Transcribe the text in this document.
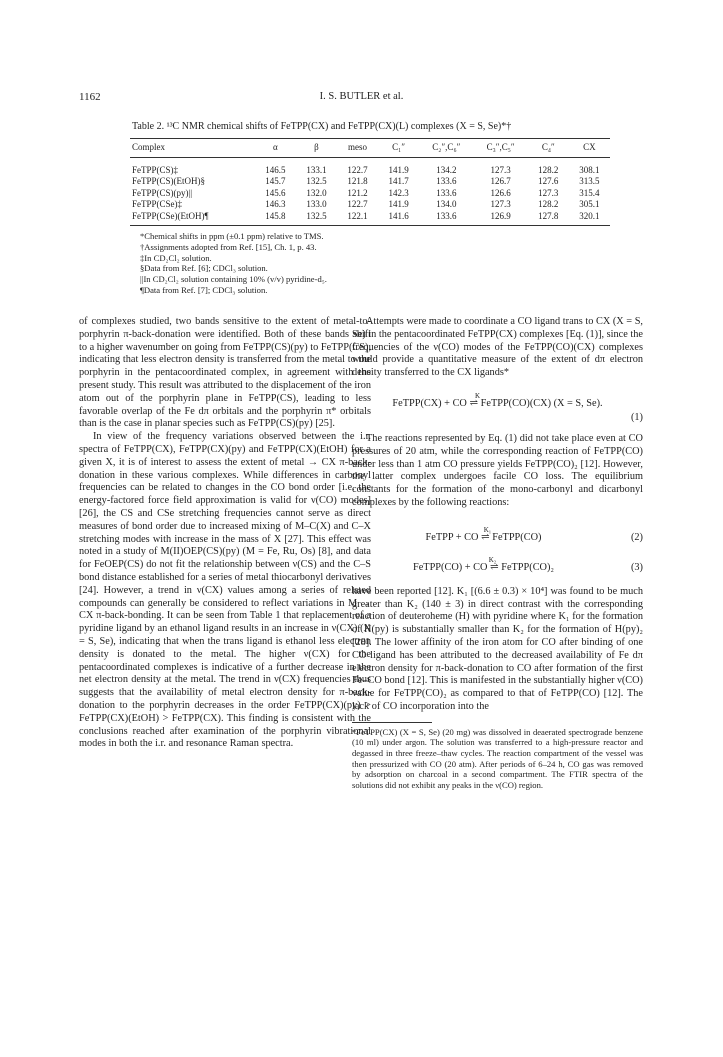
1162	I. S. BUTLER et al.
Table 2. ¹³C NMR chemical shifts of FeTPP(CX) and FeTPP(CX)(L) complexes (X = S, Se)*†
Complex	α	β	meso	C₁″	C₂″,C₆″	C₃″,C₅″	C₄″	CX
FeTPP(CS)‡	146.5	133.1	122.7	141.9	134.2	127.3	128.2	308.1
FeTPP(CS)(EtOH)§	145.7	132.5	121.8	141.7	133.6	126.7	127.6	313.5
FeTPP(CS)(py)||	145.6	132.0	121.2	142.3	133.6	126.6	127.3	315.4
FeTPP(CSe)‡	146.3	133.0	122.7	141.9	134.0	127.3	128.2	305.1
FeTPP(CSe)(EtOH)¶	145.8	132.5	122.1	141.6	133.6	126.9	127.8	320.1
*Chemical shifts in ppm (±0.1 ppm) relative to TMS.
†Assignments adopted from Ref. [15], Ch. 1, p. 43.
‡In CD₂Cl₂ solution.
§Data from Ref. [6]; CDCl₃ solution.
||In CD₂Cl₂ solution containing 10% (v/v) pyridine-d₅.
¶Data from Ref. [7]; CDCl₃ solution.

of complexes studied, two bands sensitive to the extent of metal-to-porphyrin π-back-donation were identified. Both of these bands shift to a higher wavenumber on going from FeTPP(CS)(py) to FeTPP(CS), indicating that less electron density is transferred from the metal to the porphyrin in the pentacoordinated complex, in agreement with the present study. This result was attributed to the displacement of the iron atom out of the porphyrin plane in FeTPP(CS), leading to less favorable overlap of the Fe dπ orbitals and the porphyrin π* orbitals than is the case in planar species such as FeTPP(CS)(py) [25].

In view of the frequency variations observed between the i.r. spectra of FeTPP(CX), FeTPP(CX)(py) and FeTPP(CX)(EtOH) for a given X, it is of interest to assess the extent of metal → CX π-back-donation in these various complexes. While differences in carbonyl frequencies can be related to changes in the CO bond order [i.e. the energy-factored force field approximation is valid for ν(CO) modes] [26], the CS and CSe stretching frequencies cannot serve as direct measures of bond order due to increased mixing of M–C(X) and C–X stretching modes with increase in the mass of X [27]. This effect was noted in a study of M(II)OEP(CS)(py) (M = Fe, Ru, Os) [8], and data for FeOEP(CS) do not fit the relationship between ν(CS) and the C–S bond distance established for a series of metal thiocarbonyl derivatives [24]. However, a trend in ν(CX) values among a series of related compounds can generally be considered to reflect variations in M → CX π-back-bonding. It can be seen from Table 1 that replacement of a pyridine ligand by an ethanol ligand results in an increase in ν(CX) (X = S, Se), indicating that when the trans ligand is ethanol less electron density is donated to the metal. The higher ν(CX) for the pentacoordinated complexes is indicative of a further decrease in the net electron density at the metal. The trend in ν(CX) frequencies thus suggests that the availability of metal electron density for π-back-donation to the porphyrin decreases in the order FeTPP(CX)(py) > FeTPP(CX)(EtOH) > FeTPP(CX). This finding is consistent with the conclusions reached after examination of the porphyrin vibrational modes in both the i.r. and resonance Raman spectra.

Attempts were made to coordinate a CO ligand trans to CX (X = S, Se) in the pentacoordinated FeTPP(CX) complexes [Eq. (1)], since the frequencies of the ν(CO) modes of the FeTPP(CO)(CX) complexes would provide a quantitative measure of the extent of dπ electron density transferred to the CX ligands*

K
FeTPP(CX) + CO ⇌ FeTPP(CO)(CX) (X = S, Se).
(1)

The reactions represented by Eq. (1) did not take place even at CO pressures of 20 atm, while the corresponding reaction of FeTPP(CO) under less than 1 atm CO pressure yields FeTPP(CO)₂ [12]. However, the latter complex undergoes facile CO loss. The equilibrium constants for the formation of the mono-carbonyl and dicarbonyl complexes by the following reactions:

K₁
FeTPP + CO ⇌ FeTPP(CO)	(2)
K₂
FeTPP(CO) + CO ⇌ FeTPP(CO)₂	(3)

have been reported [12]. K₁ [(6.6 ± 0.3) × 10⁴] was found to be much greater than K₂ (140 ± 3) in direct contrast with the corresponding reaction of deuteroheme (H) with pyridine where K₁ for the formation of H(py) is substantially smaller than K₂ for the formation of H(py)₂ [28]. The lower affinity of the iron atom for CO after binding of one CO ligand has been attributed to the decreased availability of Fe dπ electron density for π-back-donation to CO after formation of the first Fe–CO bond [12]. This is manifested in the substantially higher ν(CO) value for FeTPP(CO)₂ as compared to that of FeTPP(CO) [12]. The lack of CO incorporation into the

*FeTPP(CX) (X = S, Se) (20 mg) was dissolved in deaerated spectrograde benzene (10 ml) under argon. The solution was transferred to a high-pressure reactor and degassed in three freeze–thaw cycles. The reaction compartment of the vessel was then pressurized with CO (20 atm). After periods of 6–24 h, CO gas was removed by adsorption on charcoal in a second compartment. The FTIR spectra of the solutions did not exhibit any peaks in the ν(CO) region.
